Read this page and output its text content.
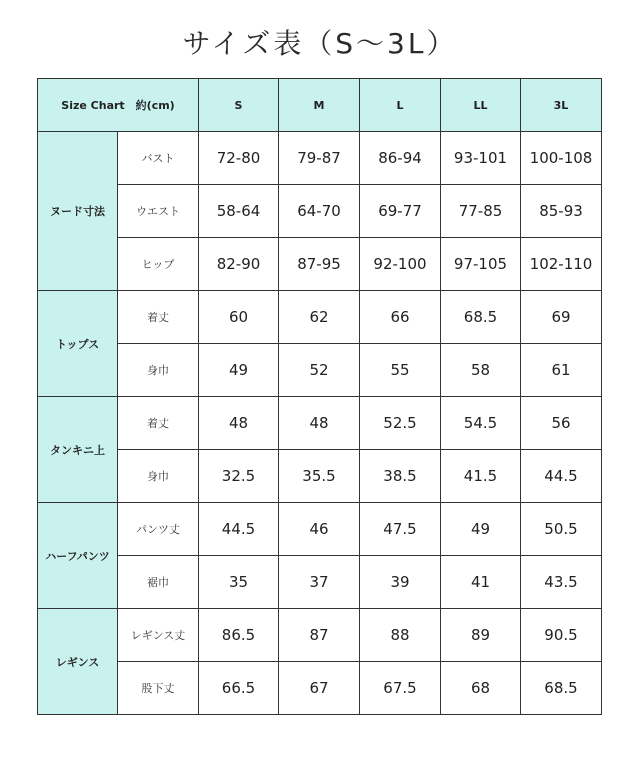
サイズ表（S～3L）
Size Chart　約(cm)		S	M	L	LL	3L
ヌード寸法	バスト	72-80	79-87	86-94	93-101	100-108
	ウエスト	58-64	64-70	69-77	77-85	85-93
	ヒップ	82-90	87-95	92-100	97-105	102-110
トップス	着丈	60	62	66	68.5	69
	身巾	49	52	55	58	61
タンキニ上	着丈	48	48	52.5	54.5	56
	身巾	32.5	35.5	38.5	41.5	44.5
ハーフパンツ	パンツ丈	44.5	46	47.5	49	50.5
	裾巾	35	37	39	41	43.5
レギンス	レギンス丈	86.5	87	88	89	90.5
	股下丈	66.5	67	67.5	68	68.5
